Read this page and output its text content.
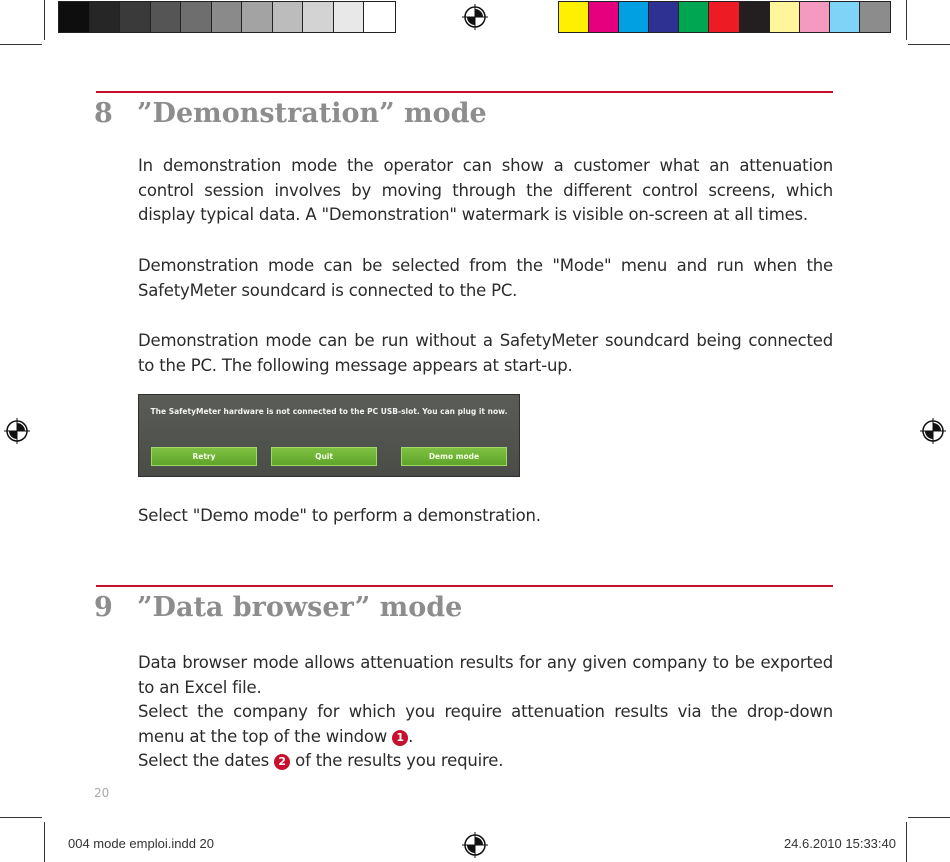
8 ”Demonstration” mode
In demonstration mode the operator can show a customer what an attenuation control session involves by moving through the different control screens, which display typical data. A "Demonstration" watermark is visible on-screen at all times.
Demonstration mode can be selected from the "Mode" menu and run when the SafetyMeter soundcard is connected to the PC.
Demonstration mode can be run without a SafetyMeter soundcard being connected to the PC. The following message appears at start-up.
The SafetyMeter hardware is not connected to the PC USB-slot. You can plug it now.
Retry	Quit	Demo mode
Select "Demo mode" to perform a demonstration.
9 ”Data browser” mode
Data browser mode allows attenuation results for any given company to be exported to an Excel file.
Select the company for which you require attenuation results via the drop-down menu at the top of the window 1 .
Select the dates 2 of the results you require.
20
004 mode emploi.indd 20	24.6.2010 15:33:40
